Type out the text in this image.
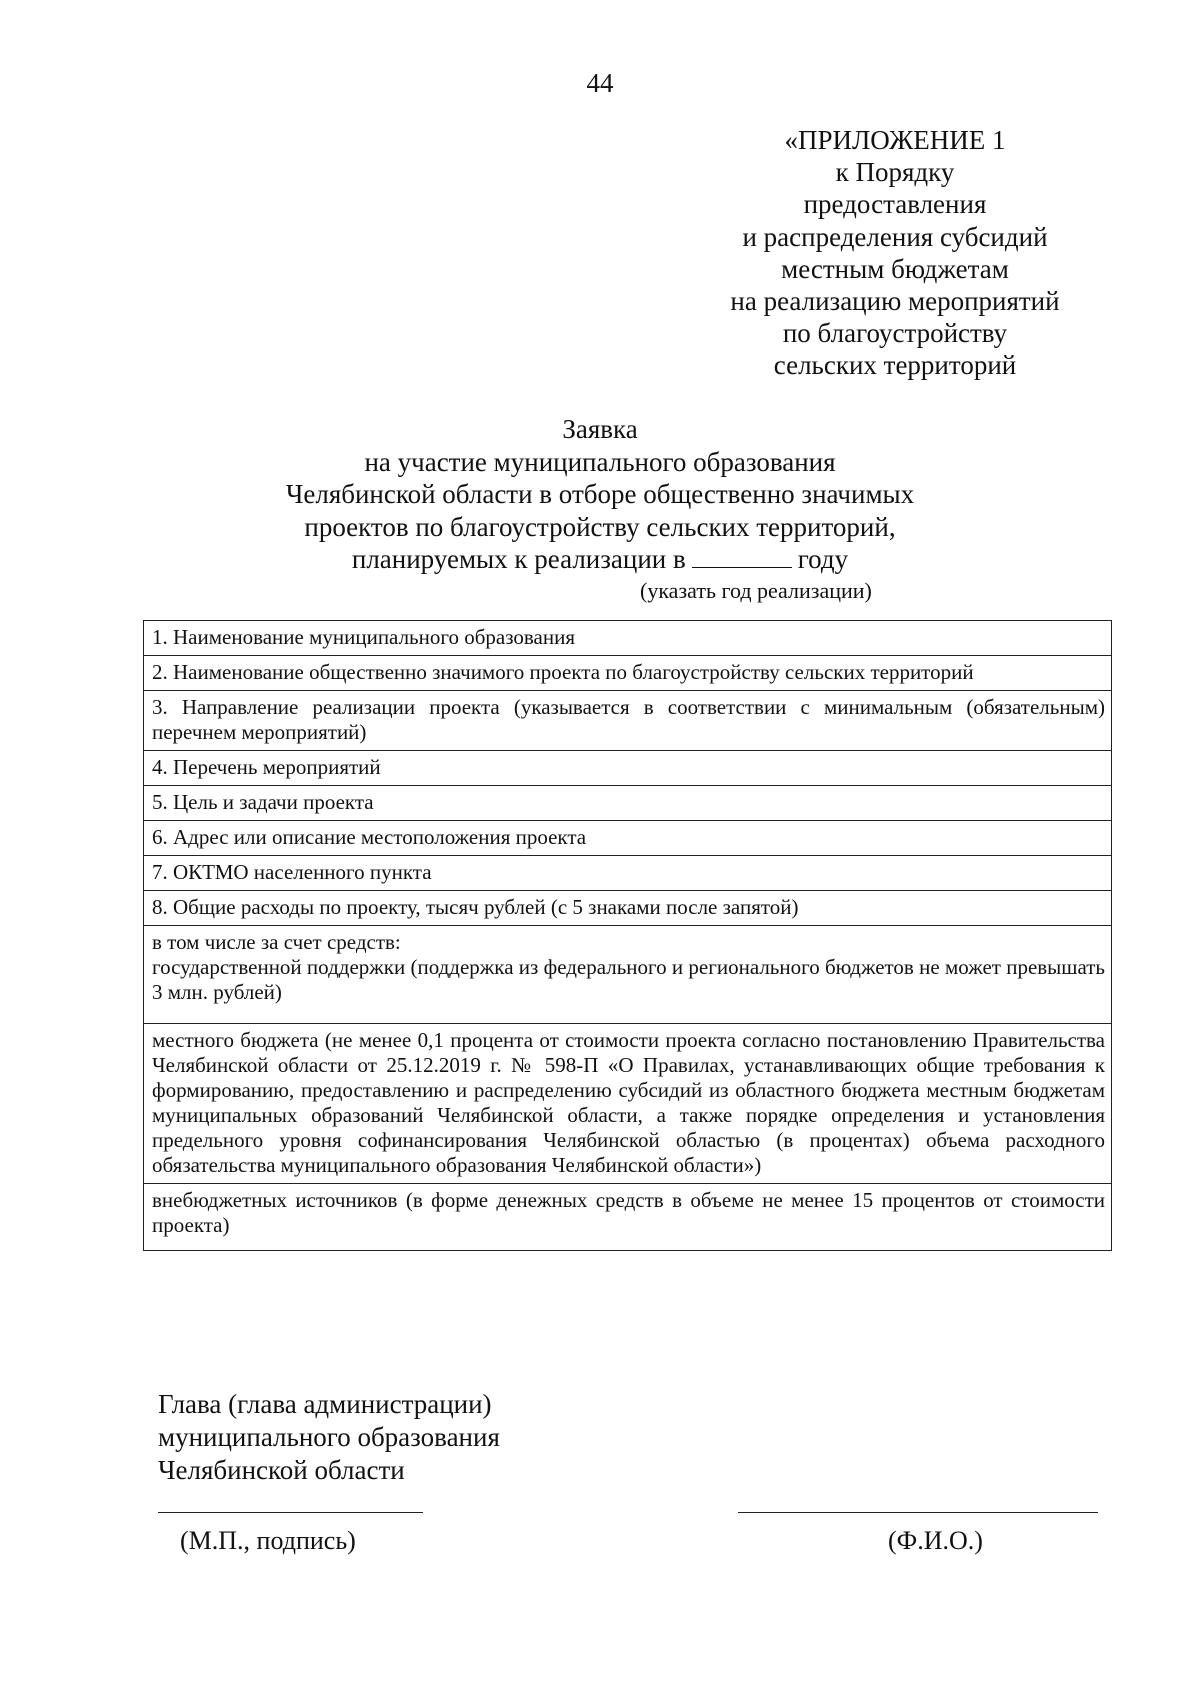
44
«ПРИЛОЖЕНИЕ 1
к Порядку
предоставления
и распределения субсидий
местным бюджетам
на реализацию мероприятий
по благоустройству
сельских территорий
Заявка
на участие муниципального образования
Челябинской области в отборе общественно значимых
проектов по благоустройству сельских территорий,
планируемых к реализации в	году
(указать год реализации)
1. Наименование муниципального образования
2. Наименование общественно значимого проекта по благоустройству сельских территорий
3. Направление реализации проекта (указывается в соответствии с минимальным (обязательным) перечнем мероприятий)
4. Перечень мероприятий
5. Цель и задачи проекта
6. Адрес или описание местоположения проекта
7. ОКТМО населенного пункта
8. Общие расходы по проекту, тысяч рублей (с 5 знаками после запятой)

в том числе за счет средств:
государственной поддержки (поддержка из федерального и регионального бюджетов не может превышать 3 млн. рублей)

местного бюджета (не менее 0,1 процента от стоимости проекта согласно постановлению Правительства Челябинской области от 25.12.2019 г. № 598-П «О Правилах, устанавливающих общие требования к формированию, предоставлению и распределению субсидий из областного бюджета местным бюджетам муниципальных образований Челябинской области, а также порядке определения и установления предельного уровня софинансирования Челябинской областью (в процентах) объема расходного обязательства муниципального образования Челябинской области»)
внебюджетных источников (в форме денежных средств в объеме не менее 15 процентов от стоимости проекта)
Глава (глава администрации)
муниципального образования
Челябинской области
(М.П., подпись)	(Ф.И.О.)
